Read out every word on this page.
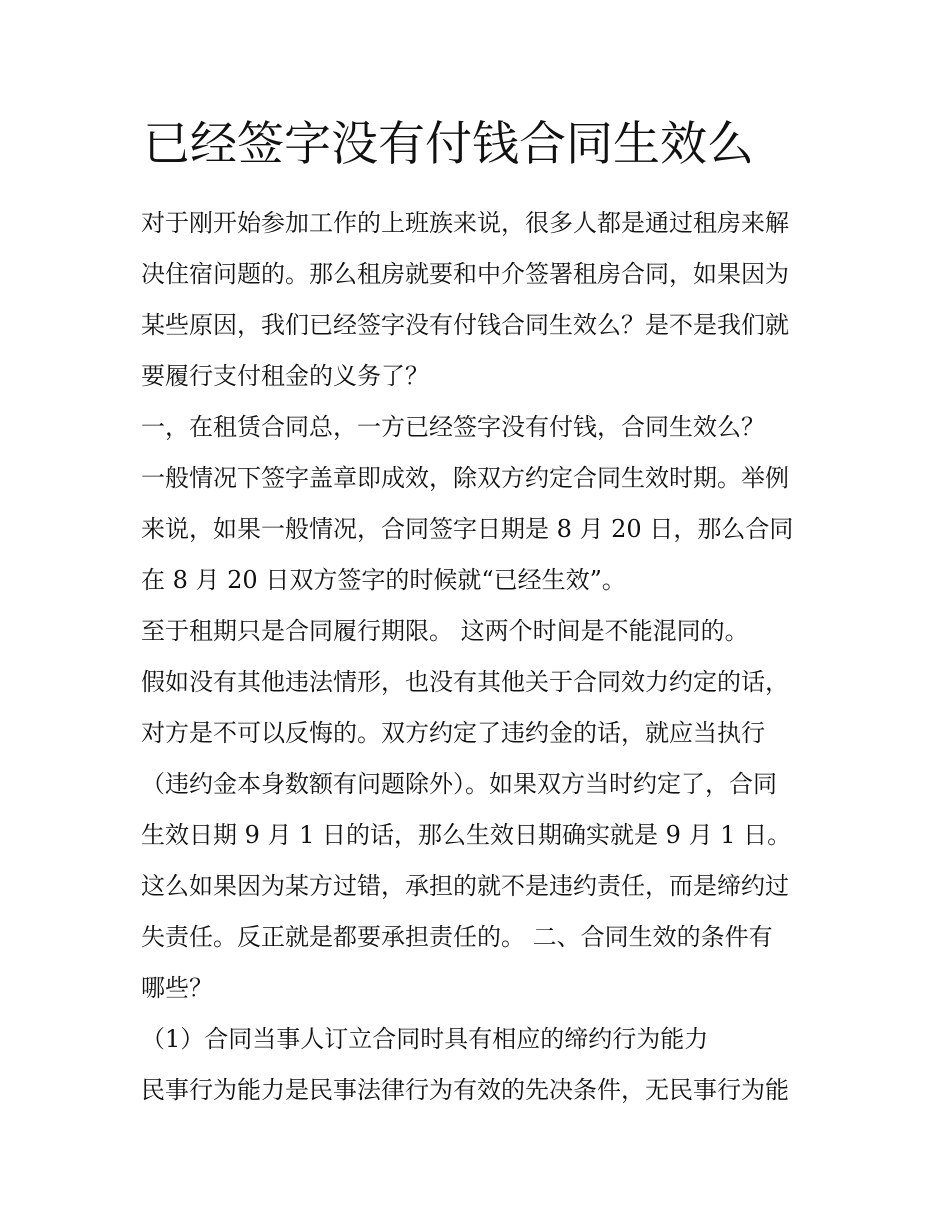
已经签字没有付钱合同生效么

对于刚开始参加工作的上班族来说，很多人都是通过租房来解

决住宿问题的。那么租房就要和中介签署租房合同，如果因为

某些原因，我们已经签字没有付钱合同生效么？是不是我们就

要履行支付租金的义务了？

一，在租赁合同总，一方已经签字没有付钱，合同生效么？

一般情况下签字盖章即成效，除双方约定合同生效时期。举例

来说，如果一般情况，合同签字日期是 8 月 20 日，那么合同

在 8 月 20 日双方签字的时候就“已经生效”。

至于租期只是合同履行期限。 这两个时间是不能混同的。

假如没有其他违法情形，也没有其他关于合同效力约定的话，

对方是不可以反悔的。双方约定了违约金的话，就应当执行

（违约金本身数额有问题除外）。如果双方当时约定了，合同

生效日期 9 月 1 日的话，那么生效日期确实就是 9 月 1 日。

这么如果因为某方过错，承担的就不是违约责任，而是缔约过

失责任。反正就是都要承担责任的。 二、合同生效的条件有

哪些？

（1）合同当事人订立合同时具有相应的缔约行为能力

民事行为能力是民事法律行为有效的先决条件，无民事行为能
